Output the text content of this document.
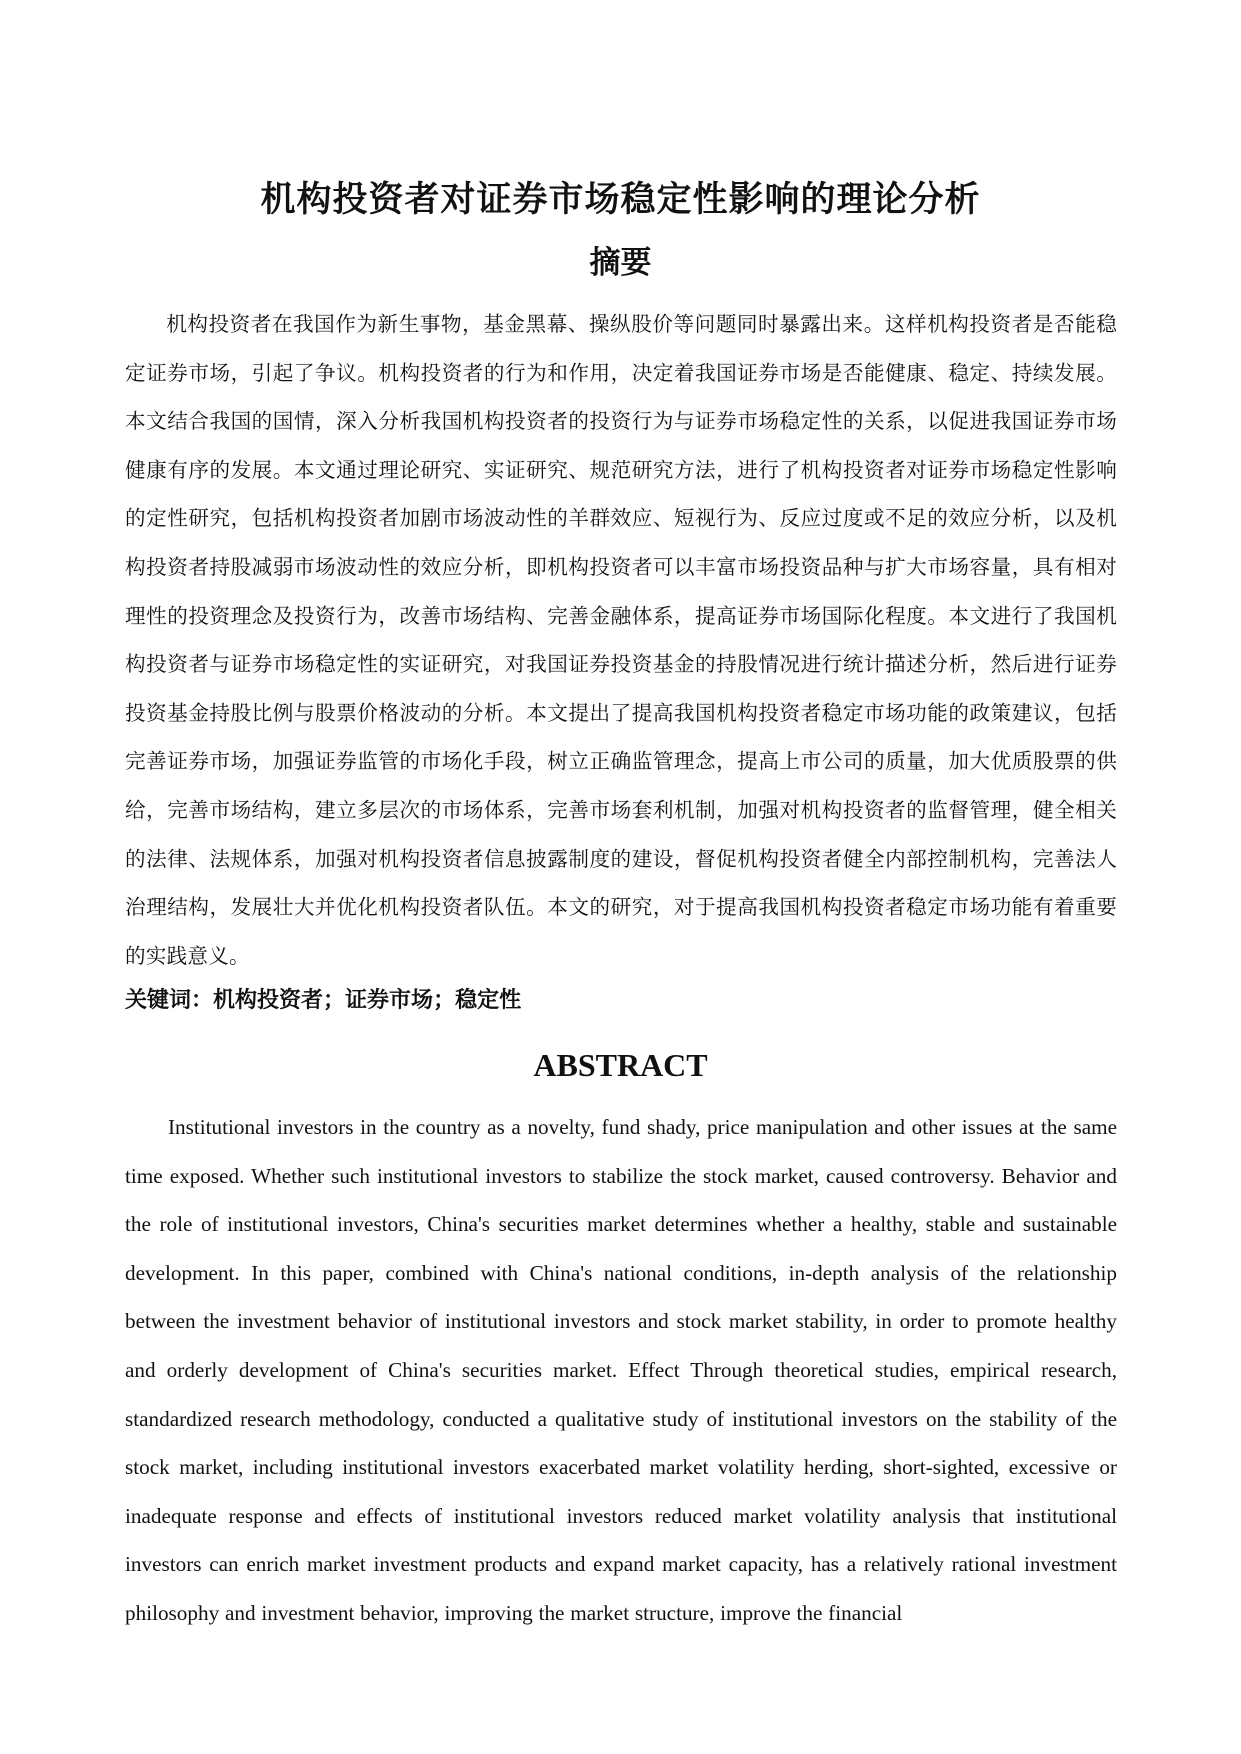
机构投资者对证券市场稳定性影响的理论分析
摘要

机构投资者在我国作为新生事物，基金黑幕、操纵股价等问题同时暴露出来。这样机构投资者是否能稳定证券市场，引起了争议。机构投资者的行为和作用，决定着我国证券市场是否能健康、稳定、持续发展。本文结合我国的国情，深入分析我国机构投资者的投资行为与证券市场稳定性的关系，以促进我国证券市场健康有序的发展。本文通过理论研究、实证研究、规范研究方法，进行了机构投资者对证券市场稳定性影响的定性研究，包括机构投资者加剧市场波动性的羊群效应、短视行为、反应过度或不足的效应分析，以及机构投资者持股减弱市场波动性的效应分析，即机构投资者可以丰富市场投资品种与扩大市场容量，具有相对理性的投资理念及投资行为，改善市场结构、完善金融体系，提高证券市场国际化程度。本文进行了我国机构投资者与证券市场稳定性的实证研究，对我国证券投资基金的持股情况进行统计描述分析，然后进行证券投资基金持股比例与股票价格波动的分析。本文提出了提高我国机构投资者稳定市场功能的政策建议，包括完善证券市场，加强证券监管的市场化手段，树立正确监管理念，提高上市公司的质量，加大优质股票的供给，完善市场结构，建立多层次的市场体系，完善市场套利机制，加强对机构投资者的监督管理，健全相关的法律、法规体系，加强对机构投资者信息披露制度的建设，督促机构投资者健全内部控制机构，完善法人治理结构，发展壮大并优化机构投资者队伍。本文的研究，对于提高我国机构投资者稳定市场功能有着重要的实践意义。

关键词：机构投资者；证券市场；稳定性

ABSTRACT

Institutional investors in the country as a novelty, fund shady, price manipulation and other issues at the same time exposed. Whether such institutional investors to stabilize the stock market, caused controversy. Behavior and the role of institutional investors, China's securities market determines whether a healthy, stable and sustainable development. In this paper, combined with China's national conditions, in-depth analysis of the relationship between the investment behavior of institutional investors and stock market stability, in order to promote healthy and orderly development of China's securities market. Effect Through theoretical studies, empirical research, standardized research methodology, conducted a qualitative study of institutional investors on the stability of the stock market, including institutional investors exacerbated market volatility herding, short-sighted, excessive or inadequate response and effects of institutional investors reduced market volatility analysis that institutional investors can enrich market investment products and expand market capacity, has a relatively rational investment philosophy and investment behavior, improving the market structure, improve the financial
